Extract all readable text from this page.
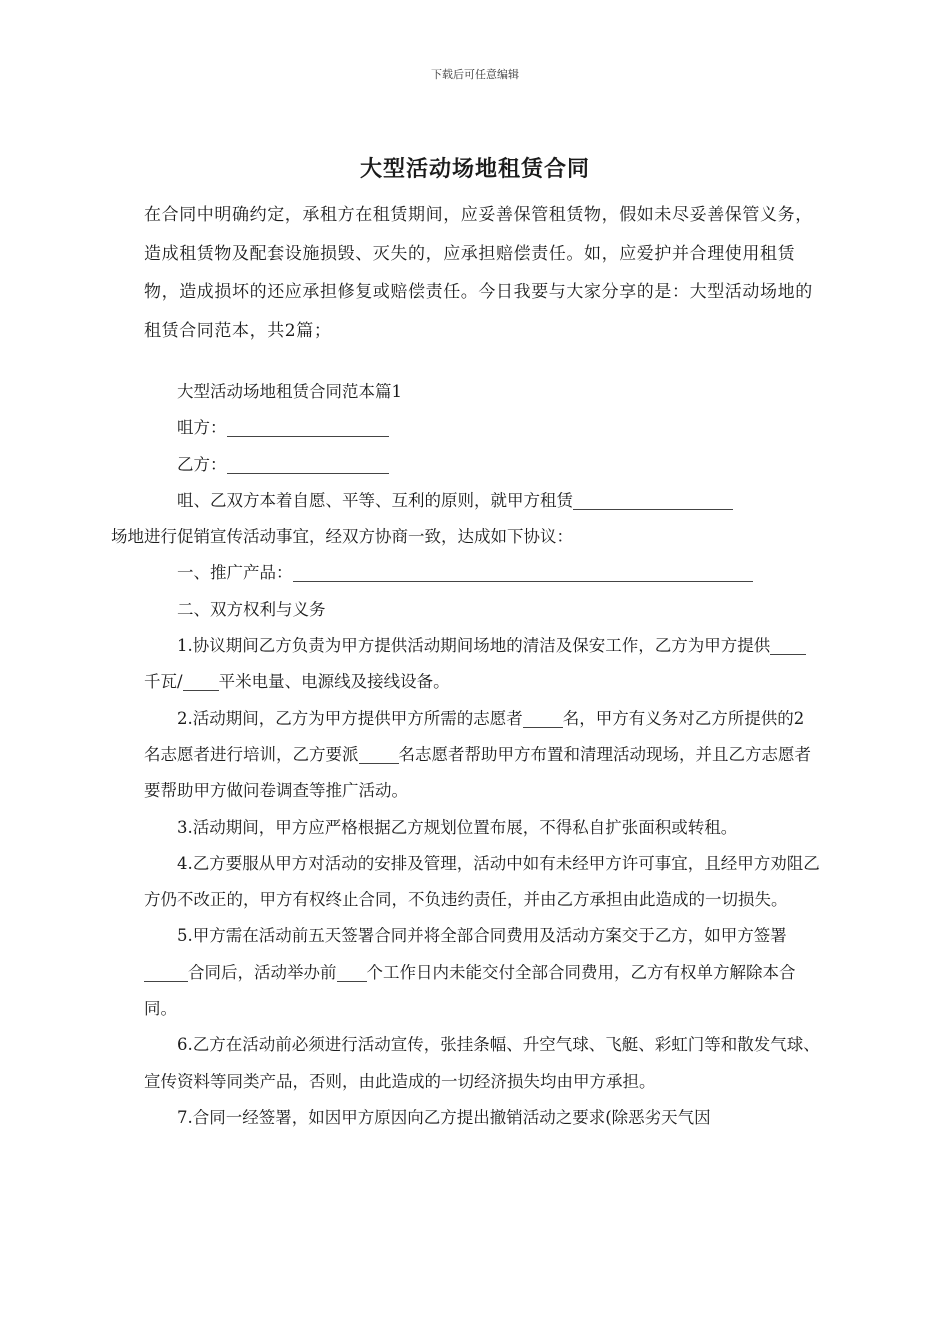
下载后可任意编辑
大型活动场地租赁合同
在合同中明确约定，承租方在租赁期间，应妥善保管租赁物，假如未尽妥善保管义务，造成租赁物及配套设施损毁、灭失的，应承担赔偿责任。如，应爱护并合理使用租赁物，造成损坏的还应承担修复或赔偿责任。今日我要与大家分享的是：大型活动场地的租赁合同范本，共2篇；

大型活动场地租赁合同范本篇1

咀方：

乙方：

咀、乙双方本着自愿、平等、互利的原则，就甲方租赁
场地进行促销宣传活动事宜，经双方协商一致，达成如下协议：

一、推广产品：

二、双方权利与义务

1.协议期间乙方负责为甲方提供活动期间场地的清洁及保安工作，乙方为甲方提供千瓦/ 平米电量、电源线及接线设备。

2.活动期间，乙方为甲方提供甲方所需的志愿者 名，甲方有义务对乙方所提供的2名志愿者进行培训，乙方要派 名志愿者帮助甲方布置和清理活动现场，并且乙方志愿者要帮助甲方做问卷调查等推广活动。

3.活动期间，甲方应严格根据乙方规划位置布展，不得私自扩张面积或转租。

4.乙方要服从甲方对活动的安排及管理，活动中如有未经甲方许可事宜，且经甲方劝阻乙方仍不改正的，甲方有权终止合同，不负违约责任，并由乙方承担由此造成的一切损失。

5.甲方需在活动前五天签署合同并将全部合同费用及活动方案交于乙方，如甲方签署合同后，活动举办前 个工作日内未能交付全部合同费用，乙方有权单方解除本合同。

6.乙方在活动前必须进行活动宣传，张挂条幅、升空气球、飞艇、彩虹门等和散发气球、宣传资料等同类产品，否则，由此造成的一切经济损失均由甲方承担。

7.合同一经签署，如因甲方原因向乙方提出撤销活动之要求(除恶劣天气因
